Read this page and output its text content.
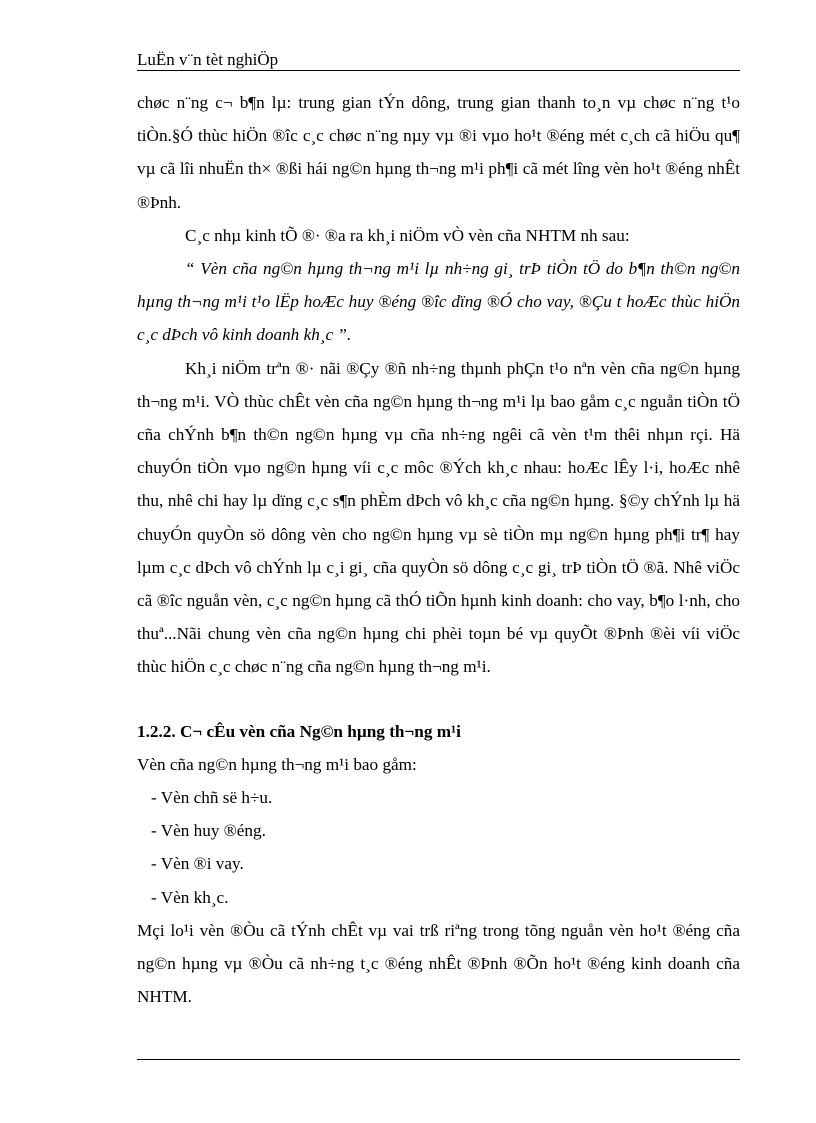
LuËn v¨n tèt nghiÖp

chøc n¨ng c¬ b¶n lµ: trung gian tÝn dông, trung gian thanh to¸n vµ chøc n¨ng t¹o tiÒn.§Ó thùc hiÖn ®îc c¸c chøc n¨ng nµy vµ ®i vµo ho¹t ®éng mét c¸ch cã hiÖu qu¶ vµ cã lîi nhuËn th× ®ßi hái ng©n hµng th¬ng m¹i ph¶i cã mét lîng vèn ho¹t ®éng nhÊt ®Þnh.

C¸c nhµ kinh tÕ ®· ®a ra kh¸i niÖm vÒ vèn cña NHTM nh sau:

“ Vèn cña ng©n hµng th¬ng m¹i lµ nh÷ng gi¸ trÞ tiÒn tÖ do b¶n th©n ng©n hµng th¬ng m¹i t¹o lËp hoÆc huy ®éng ®îc dïng ®Ó cho vay, ®Çu t hoÆc thùc hiÖn c¸c dÞch vô kinh doanh kh¸c ”.

Kh¸i niÖm trªn ®· nãi ®Çy ®ñ nh÷ng thµnh phÇn t¹o nªn vèn cña ng©n hµng th¬ng m¹i. VÒ thùc chÊt vèn cña ng©n hµng th¬ng m¹i lµ bao gåm c¸c nguån tiÒn tÖ cña chÝnh b¶n th©n ng©n hµng vµ cña nh÷ng ngêi cã vèn t¹m thêi nhµn rçi. Hä chuyÓn tiÒn vµo ng©n hµng víi c¸c môc ®Ých kh¸c nhau: hoÆc lÊy l·i, hoÆc nhê thu, nhê chi hay lµ dïng c¸c s¶n phÈm dÞch vô kh¸c cña ng©n hµng. §©y chÝnh lµ hä chuyÓn quyÒn sö dông vèn cho ng©n hµng vµ sè tiÒn mµ ng©n hµng ph¶i tr¶ hay lµm c¸c dÞch vô chÝnh lµ c¸i gi¸ cña quyÒn sö dông c¸c gi¸ trÞ tiÒn tÖ ®ã. Nhê viÖc cã ®îc nguån vèn, c¸c ng©n hµng cã thÓ tiÕn hµnh kinh doanh: cho vay, b¶o l·nh, cho thuª...Nãi chung vèn cña ng©n hµng chi phèi toµn bé vµ quyÕt ®Þnh ®èi víi viÖc thùc hiÖn c¸c chøc n¨ng cña ng©n hµng th¬ng m¹i.

1.2.2. C¬ cÊu vèn cña Ng©n hµng th¬ng m¹i

Vèn cña ng©n hµng th¬ng m¹i bao gåm:

- Vèn chñ së h÷u.

- Vèn huy ®éng.

- Vèn ®i vay.

- Vèn kh¸c.

Mçi lo¹i vèn ®Òu cã tÝnh chÊt vµ vai trß riªng trong tõng nguån vèn ho¹t ®éng cña ng©n hµng vµ ®Òu cã nh÷ng t¸c ®éng nhÊt ®Þnh ®Õn ho¹t ®éng kinh doanh cña NHTM.
